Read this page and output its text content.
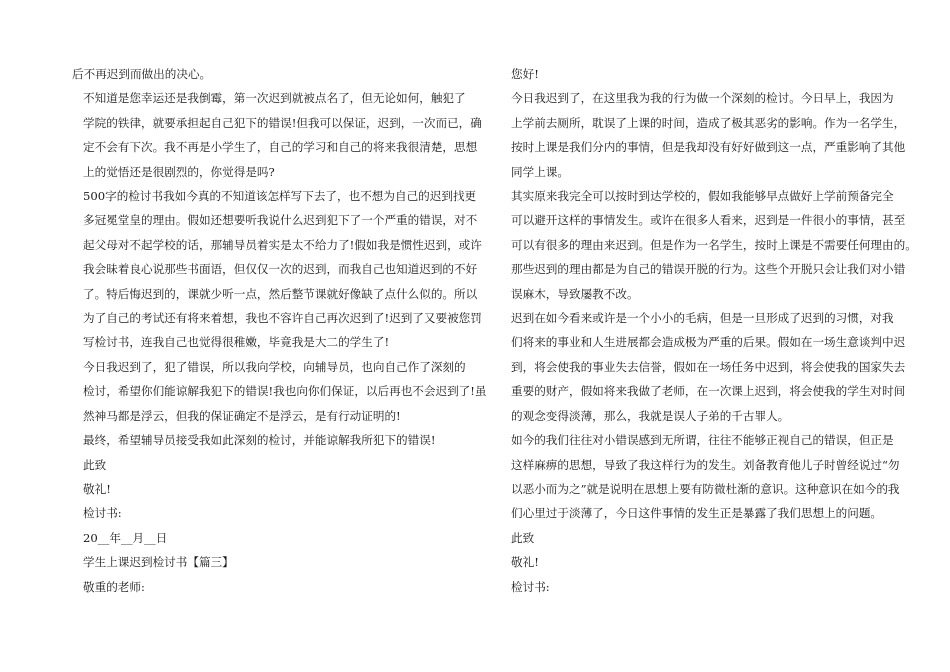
后不再迟到而做出的决心。
不知道是您幸运还是我倒霉，第一次迟到就被点名了，但无论如何，触犯了
学院的铁律，就要承担起自己犯下的错误!但我可以保证，迟到，一次而已，确
定不会有下次。我不再是小学生了，自己的学习和自己的将来我很清楚，思想
上的觉悟还是很剧烈的，你觉得是吗?
500字的检讨书我如今真的不知道该怎样写下去了，也不想为自己的迟到找更
多冠冕堂皇的理由。假如还想要听我说什么迟到犯下了一个严重的错误，对不
起父母对不起学校的话，那辅导员着实是太不给力了!假如我是惯性迟到，或许
我会昧着良心说那些书面语，但仅仅一次的迟到，而我自己也知道迟到的不好
了。特后悔迟到的，课就少听一点，然后整节课就好像缺了点什么似的。所以
为了自己的考试还有将来着想，我也不容许自己再次迟到了!迟到了又要被您罚
写检讨书，连我自己也觉得很稚嫩，毕竟我是大二的学生了!
今日我迟到了，犯了错误，所以我向学校，向辅导员，也向自己作了深刻的
检讨，希望你们能谅解我犯下的错误!我也向你们保证，以后再也不会迟到了!虽
然神马都是浮云，但我的保证确定不是浮云，是有行动证明的!
最终，希望辅导员接受我如此深刻的检讨，并能谅解我所犯下的错误!
此致
敬礼!
检讨书:
20__年__月__日
学生上课迟到检讨书【篇三】
敬重的老师:
您好!
今日我迟到了，在这里我为我的行为做一个深刻的检讨。今日早上，我因为
上学前去厕所，耽误了上课的时间，造成了极其恶劣的影响。作为一名学生，
按时上课是我们分内的事情，但是我却没有好好做到这一点，严重影响了其他
同学上课。
其实原来我完全可以按时到达学校的，假如我能够早点做好上学前预备完全
可以避开这样的事情发生。或许在很多人看来，迟到是一件很小的事情，甚至
可以有很多的理由来迟到。但是作为一名学生，按时上课是不需要任何理由的。
那些迟到的理由都是为自己的错误开脱的行为。这些个开脱只会让我们对小错
误麻木，导致屡教不改。
迟到在如今看来或许是一个小小的毛病，但是一旦形成了迟到的习惯，对我
们将来的事业和人生进展都会造成极为严重的后果。假如在一场生意谈判中迟
到，将会使我的事业失去信誉，假如在一场任务中迟到，将会使我的国家失去
重要的财产，假如将来我做了老师，在一次课上迟到，将会使我的学生对时间
的观念变得淡薄，那么，我就是误人子弟的千古罪人。
如今的我们往往对小错误感到无所谓，往往不能够正视自己的错误，但正是
这样麻痹的思想，导致了我这样行为的发生。刘备教育他儿子时曾经说过“勿
以恶小而为之”就是说明在思想上要有防微杜渐的意识。这种意识在如今的我
们心里过于淡薄了，今日这件事情的发生正是暴露了我们思想上的问题。
此致
敬礼!
检讨书:
